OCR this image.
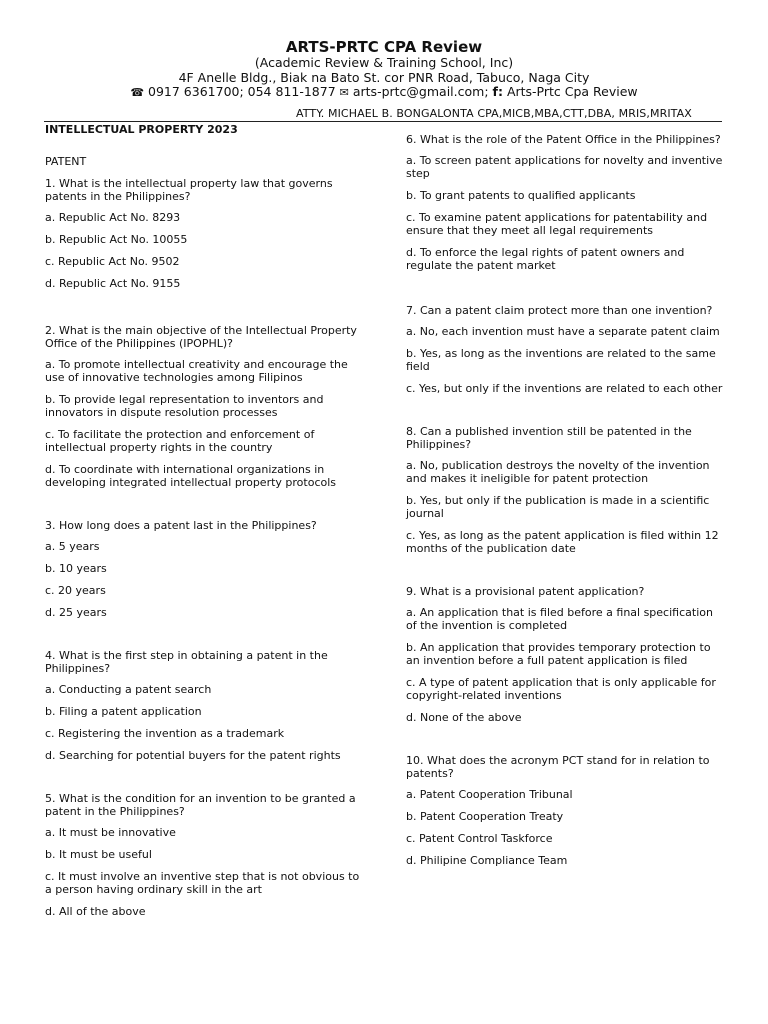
ARTS-PRTC CPA Review
(Academic Review & Training School, Inc)
4F Anelle Bldg., Biak na Bato St. cor PNR Road, Tabuco, Naga City
☎ 0917 6361700; 054 811-1877 ✉ arts-prtc@gmail.com; f: Arts-Prtc Cpa Review
ATTY. MICHAEL B. BONGALONTA CPA,MICB,MBA,CTT,DBA, MRIS,MRITAX
INTELLECTUAL PROPERTY 2023
PATENT
1. What is the intellectual property law that governs patents in the Philippines?
a. Republic Act No. 8293
b. Republic Act No. 10055
c. Republic Act No. 9502
d. Republic Act No. 9155
2. What is the main objective of the Intellectual Property Office of the Philippines (IPOPHL)?
a. To promote intellectual creativity and encourage the use of innovative technologies among Filipinos
b. To provide legal representation to inventors and innovators in dispute resolution processes
c. To facilitate the protection and enforcement of intellectual property rights in the country
d. To coordinate with international organizations in developing integrated intellectual property protocols
3. How long does a patent last in the Philippines?
a. 5 years
b. 10 years
c. 20 years
d. 25 years
4. What is the first step in obtaining a patent in the Philippines?
a. Conducting a patent search
b. Filing a patent application
c. Registering the invention as a trademark
d. Searching for potential buyers for the patent rights
5. What is the condition for an invention to be granted a patent in the Philippines?
a. It must be innovative
b. It must be useful
c. It must involve an inventive step that is not obvious to a person having ordinary skill in the art
d. All of the above
6. What is the role of the Patent Office in the Philippines?
a. To screen patent applications for novelty and inventive step
b. To grant patents to qualified applicants
c. To examine patent applications for patentability and ensure that they meet all legal requirements
d. To enforce the legal rights of patent owners and regulate the patent market
7. Can a patent claim protect more than one invention?
a. No, each invention must have a separate patent claim
b. Yes, as long as the inventions are related to the same field
c. Yes, but only if the inventions are related to each other
8. Can a published invention still be patented in the Philippines?
a. No, publication destroys the novelty of the invention and makes it ineligible for patent protection
b. Yes, but only if the publication is made in a scientific journal
c. Yes, as long as the patent application is filed within 12 months of the publication date
9. What is a provisional patent application?
a. An application that is filed before a final specification of the invention is completed
b. An application that provides temporary protection to an invention before a full patent application is filed
c. A type of patent application that is only applicable for copyright-related inventions
d. None of the above
10. What does the acronym PCT stand for in relation to patents?
a. Patent Cooperation Tribunal
b. Patent Cooperation Treaty
c. Patent Control Taskforce
d. Philipine Compliance Team
